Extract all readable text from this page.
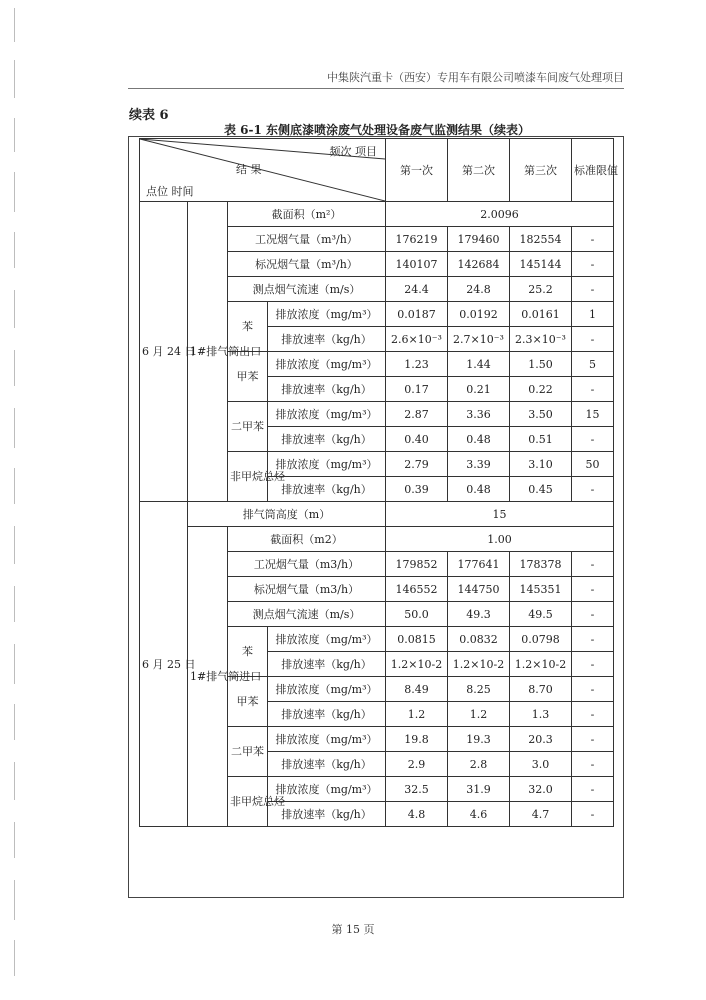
中集陕汽重卡（西安）专用车有限公司喷漆车间废气处理项目
续表 6
表 6-1 东侧底漆喷涂废气处理设备废气监测结果（续表）
频次 项目
结 果
点位 时间				第一次	第二次	第三次	标准限值
6 月 24 日	1#排气筒出口	截面积（m²）		2.0096			
		工况烟气量（m³/h）		176219	179460	182554	-
		标况烟气量（m³/h）		140107	142684	145144	-
		测点烟气流速（m/s）		24.4	24.8	25.2	-
		苯	排放浓度（mg/m³）	0.0187	0.0192	0.0161	1
			排放速率（kg/h）	2.6×10⁻³	2.7×10⁻³	2.3×10⁻³	-
		甲苯	排放浓度（mg/m³）	1.23	1.44	1.50	5
			排放速率（kg/h）	0.17	0.21	0.22	-
		二甲苯	排放浓度（mg/m³）	2.87	3.36	3.50	15
			排放速率（kg/h）	0.40	0.48	0.51	-
		非甲烷总烃	排放浓度（mg/m³）	2.79	3.39	3.10	50
			排放速率（kg/h）	0.39	0.48	0.45	-
6 月 25 日	排气筒高度（m）			15			
	1#排气筒进口	截面积（m2）		1.00			
		工况烟气量（m3/h）		179852	177641	178378	-
		标况烟气量（m3/h）		146552	144750	145351	-
		测点烟气流速（m/s）		50.0	49.3	49.5	-
		苯	排放浓度（mg/m³）	0.0815	0.0832	0.0798	-
			排放速率（kg/h）	1.2×10-2	1.2×10-2	1.2×10-2	-
		甲苯	排放浓度（mg/m³）	8.49	8.25	8.70	-
			排放速率（kg/h）	1.2	1.2	1.3	-
		二甲苯	排放浓度（mg/m³）	19.8	19.3	20.3	-
			排放速率（kg/h）	2.9	2.8	3.0	-
		非甲烷总烃	排放浓度（mg/m³）	32.5	31.9	32.0	-
			排放速率（kg/h）	4.8	4.6	4.7	-
第 15 页
